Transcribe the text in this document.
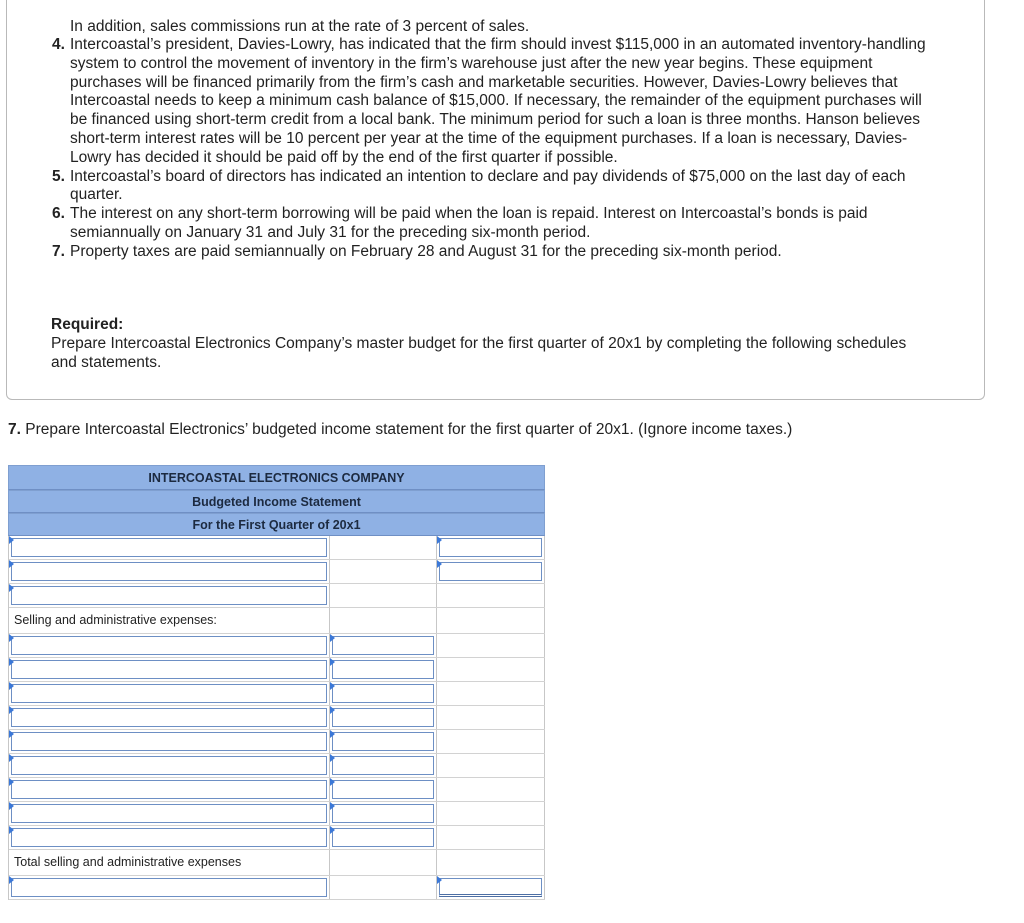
In addition, sales commissions run at the rate of 3 percent of sales.

4. Intercoastal’s president, Davies-Lowry, has indicated that the firm should invest $115,000 in an automated inventory-handling system to control the movement of inventory in the firm’s warehouse just after the new year begins. These equipment purchases will be financed primarily from the firm’s cash and marketable securities. However, Davies-Lowry believes that Intercoastal needs to keep a minimum cash balance of $15,000. If necessary, the remainder of the equipment purchases will be financed using short-term credit from a local bank. The minimum period for such a loan is three months. Hanson believes short-term interest rates will be 10 percent per year at the time of the equipment purchases. If a loan is necessary, Davies-Lowry has decided it should be paid off by the end of the first quarter if possible.
5. Intercoastal’s board of directors has indicated an intention to declare and pay dividends of $75,000 on the last day of each quarter.
6. The interest on any short-term borrowing will be paid when the loan is repaid. Interest on Intercoastal’s bonds is paid semiannually on January 31 and July 31 for the preceding six-month period.
7. Property taxes are paid semiannually on February 28 and August 31 for the preceding six-month period.
Required:
Prepare Intercoastal Electronics Company’s master budget for the first quarter of 20x1 by completing the following schedules and statements.
7. Prepare Intercoastal Electronics’ budgeted income statement for the first quarter of 20x1. (Ignore income taxes.)
INTERCOASTAL ELECTRONICS COMPANY
Budgeted Income Statement
For the First Quarter of 20x1
Selling and administrative expenses:
Total selling and administrative expenses
